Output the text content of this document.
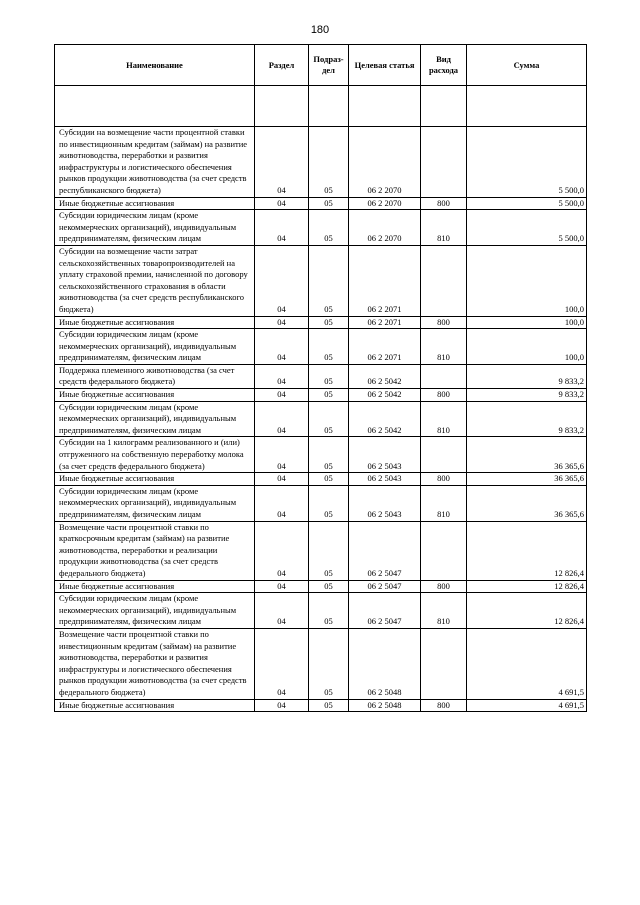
180
Наименование	Раздел	Подраз-дел	Целевая статья	Вид расхода	Сумма

Субсидии на возмещение части процентной ставки по инвестиционным кредитам (займам) на развитие животноводства, переработки и развития инфраструктуры и логистического обеспечения рынков продукции животноводства (за счет средств республиканского бюджета)	04	05	06 2 2070		5 500,0
Иные бюджетные ассигнования	04	05	06 2 2070	800	5 500,0
Субсидии юридическим лицам (кроме некоммерческих организаций), индивидуальным предпринимателям, физическим лицам	04	05	06 2 2070	810	5 500,0
Субсидии на возмещение части затрат сельскохозяйственных товаропроизводителей на уплату страховой премии, начисленной по договору сельскохозяйственного страхования в области животноводства (за счет средств республиканского бюджета)	04	05	06 2 2071		100,0
Иные бюджетные ассигнования	04	05	06 2 2071	800	100,0
Субсидии юридическим лицам (кроме некоммерческих организаций), индивидуальным предпринимателям, физическим лицам	04	05	06 2 2071	810	100,0
Поддержка племенного животноводства (за счет средств федерального бюджета)	04	05	06 2 5042		9 833,2
Иные бюджетные ассигнования	04	05	06 2 5042	800	9 833,2
Субсидии юридическим лицам (кроме некоммерческих организаций), индивидуальным предпринимателям, физическим лицам	04	05	06 2 5042	810	9 833,2
Субсидии на 1 килограмм реализованного и (или) отгруженного на собственную переработку молока (за счет средств федерального бюджета)	04	05	06 2 5043		36 365,6
Иные бюджетные ассигнования	04	05	06 2 5043	800	36 365,6
Субсидии юридическим лицам (кроме некоммерческих организаций), индивидуальным предпринимателям, физическим лицам	04	05	06 2 5043	810	36 365,6
Возмещение части процентной ставки по краткосрочным кредитам (займам) на развитие животноводства, переработки и реализации продукции животноводства (за счет средств федерального бюджета)	04	05	06 2 5047		12 826,4
Иные бюджетные ассигнования	04	05	06 2 5047	800	12 826,4
Субсидии юридическим лицам (кроме некоммерческих организаций), индивидуальным предпринимателям, физическим лицам	04	05	06 2 5047	810	12 826,4
Возмещение части процентной ставки по инвестиционным кредитам (займам) на развитие животноводства, переработки и развития инфраструктуры и логистического обеспечения рынков продукции животноводства (за счет средств федерального бюджета)	04	05	06 2 5048		4 691,5
Иные бюджетные ассигнования	04	05	06 2 5048	800	4 691,5
